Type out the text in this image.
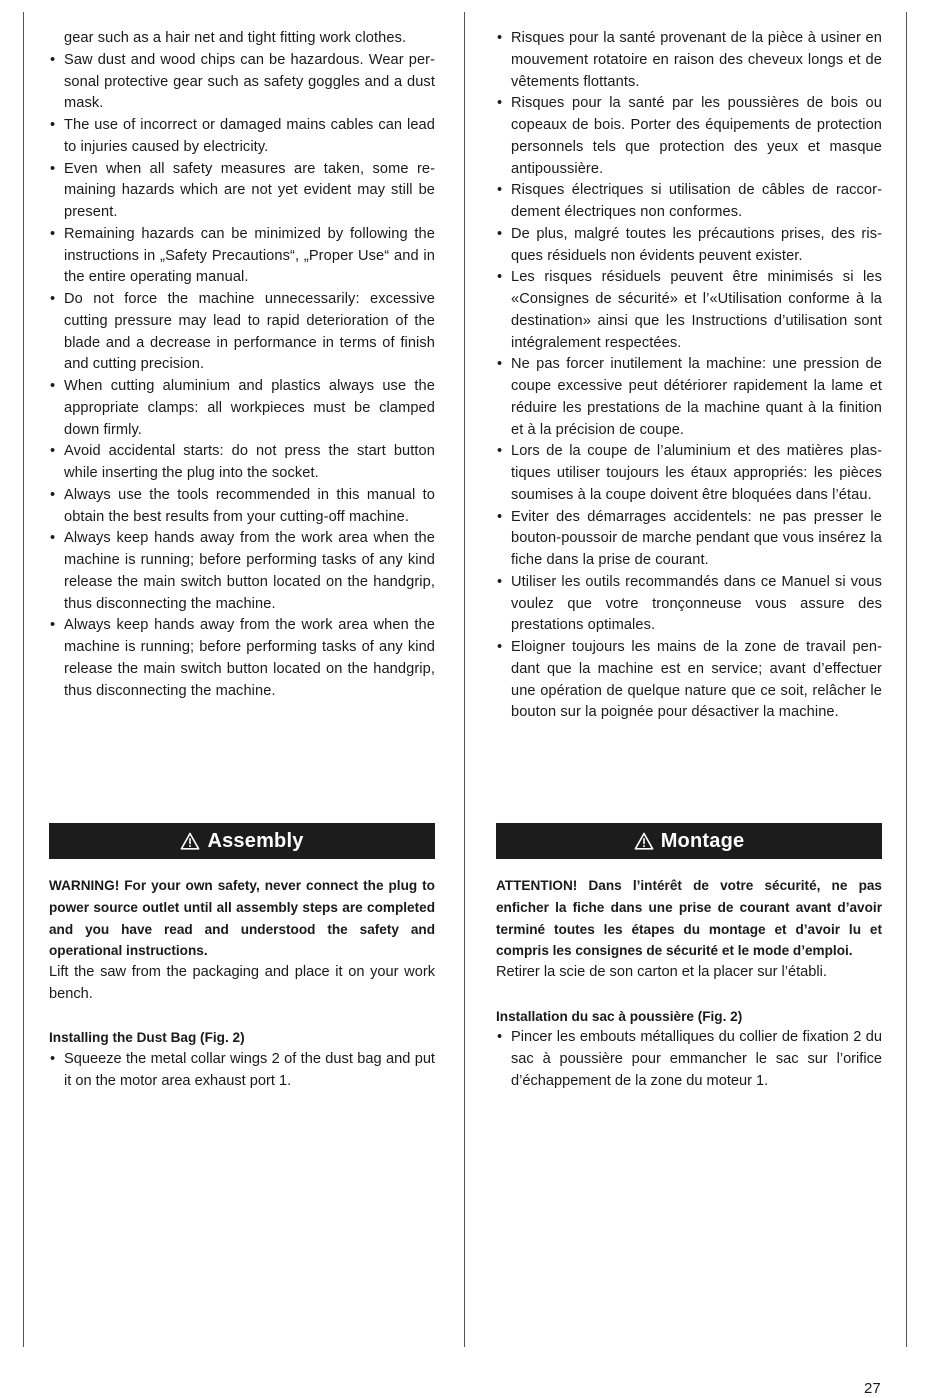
gear such as a hair net and tight fitting work clothes.
• Saw dust and wood chips can be hazardous. Wear personal protective gear such as safety goggles and a dust mask.
• The use of incorrect or damaged mains cables can lead to injuries caused by electricity.
• Even when all safety measures are taken, some remaining hazards which are not yet evident may still be present.
• Remaining hazards can be minimized by following the instructions in „Safety Precautions“, „Proper Use“ and in the entire operating manual.
• Do not force the machine unnecessarily: excessive cutting pressure may lead to rapid deterioration of the blade and a decrease in performance in terms of finish and cutting precision.
• When cutting aluminium and plastics always use the appropriate clamps: all workpieces must be clamped down firmly.
• Avoid accidental starts: do not press the start button while inserting the plug into the socket.
• Always use the tools recommended in this manual to obtain the best results from your cutting-off machine.
• Always keep hands away from the work area when the machine is running; before performing tasks of any kind release the main switch button located on the handgrip, thus disconnecting the machine.
• Always keep hands away from the work area when the machine is running; before performing tasks of any kind release the main switch button located on the handgrip, thus disconnecting the machine.
• Risques pour la santé provenant de la pièce à usiner en mouvement rotatoire en raison des cheveux longs et de vêtements flottants.
• Risques pour la santé par les poussières de bois ou copeaux de bois. Porter des équipements de protection personnels tels que protection des yeux et masque antipoussière.
• Risques électriques si utilisation de câbles de raccordement électriques non conformes.
• De plus, malgré toutes les précautions prises, des risques résiduels non évidents peuvent exister.
• Les risques résiduels peuvent être minimisés si les «Consignes de sécurité» et l’«Utilisation conforme à la destination» ainsi que les Instructions d’utilisation sont intégralement respectées.
• Ne pas forcer inutilement la machine: une pression de coupe excessive peut détériorer rapidement la lame et réduire les prestations de la machine quant à la finition et à la précision de coupe.
• Lors de la coupe de l’aluminium et des matières plastiques utiliser toujours les étaux appropriés: les pièces soumises à la coupe doivent être bloquées dans l’étau.
• Eviter des démarrages accidentels: ne pas presser le bouton-poussoir de marche pendant que vous insérez la fiche dans la prise de courant.
• Utiliser les outils recommandés dans ce Manuel si vous voulez que votre tronçonneuse vous assure des prestations optimales.
• Eloigner toujours les mains de la zone de travail pendant que la machine est en service; avant d’effectuer une opération de quelque nature que ce soit, relâcher le bouton sur la poignée pour désactiver la machine.
Assembly	Montage
WARNING! For your own safety, never connect the plug to power source outlet until all assembly steps are completed and you have read and understood the safety and operational instructions.
Lift the saw from the packaging and place it on your work bench.
Installing the Dust Bag (Fig. 2)
• Squeeze the metal collar wings 2 of the dust bag and put it on the motor area exhaust port 1.
ATTENTION! Dans l’intérêt de votre sécurité, ne pas enficher la fiche dans une prise de courant avant d’avoir terminé toutes les étapes du montage et d’avoir lu et compris les consignes de sécurité et le mode d’emploi.
Retirer la scie de son carton et la placer sur l’établi.
Installation du sac à poussière (Fig. 2)
• Pincer les embouts métalliques du collier de fixation 2 du sac à poussière pour emmancher le sac sur l’orifice d’échappement de la zone du moteur 1.
27
